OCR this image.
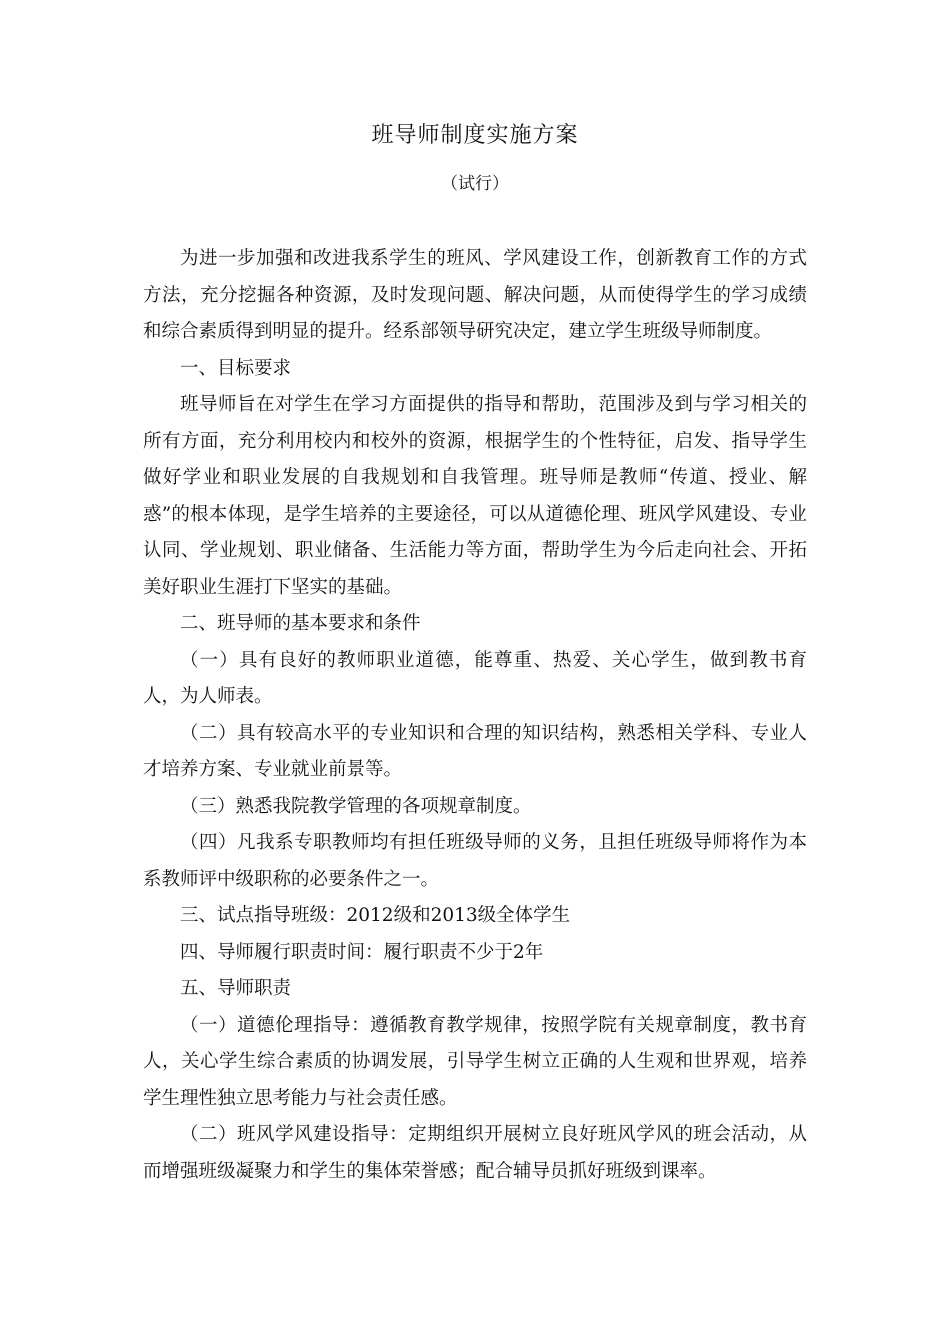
班导师制度实施方案
（试行）

为进一步加强和改进我系学生的班风、学风建设工作，创新教育工作的方式方法，充分挖掘各种资源，及时发现问题、解决问题，从而使得学生的学习成绩和综合素质得到明显的提升。经系部领导研究决定，建立学生班级导师制度。

一、目标要求

班导师旨在对学生在学习方面提供的指导和帮助，范围涉及到与学习相关的所有方面，充分利用校内和校外的资源，根据学生的个性特征，启发、指导学生做好学业和职业发展的自我规划和自我管理。班导师是教师“传道、授业、解惑”的根本体现，是学生培养的主要途径，可以从道德伦理、班风学风建设、专业认同、学业规划、职业储备、生活能力等方面，帮助学生为今后走向社会、开拓美好职业生涯打下坚实的基础。

二、班导师的基本要求和条件

（一）具有良好的教师职业道德，能尊重、热爱、关心学生，做到教书育人，为人师表。

（二）具有较高水平的专业知识和合理的知识结构，熟悉相关学科、专业人才培养方案、专业就业前景等。

（三）熟悉我院教学管理的各项规章制度。

（四）凡我系专职教师均有担任班级导师的义务，且担任班级导师将作为本系教师评中级职称的必要条件之一。

三、试点指导班级：2012级和2013级全体学生

四、导师履行职责时间：履行职责不少于2年

五、导师职责

（一）道德伦理指导：遵循教育教学规律，按照学院有关规章制度，教书育人，关心学生综合素质的协调发展，引导学生树立正确的人生观和世界观，培养学生理性独立思考能力与社会责任感。

（二）班风学风建设指导：定期组织开展树立良好班风学风的班会活动，从而增强班级凝聚力和学生的集体荣誉感；配合辅导员抓好班级到课率。
